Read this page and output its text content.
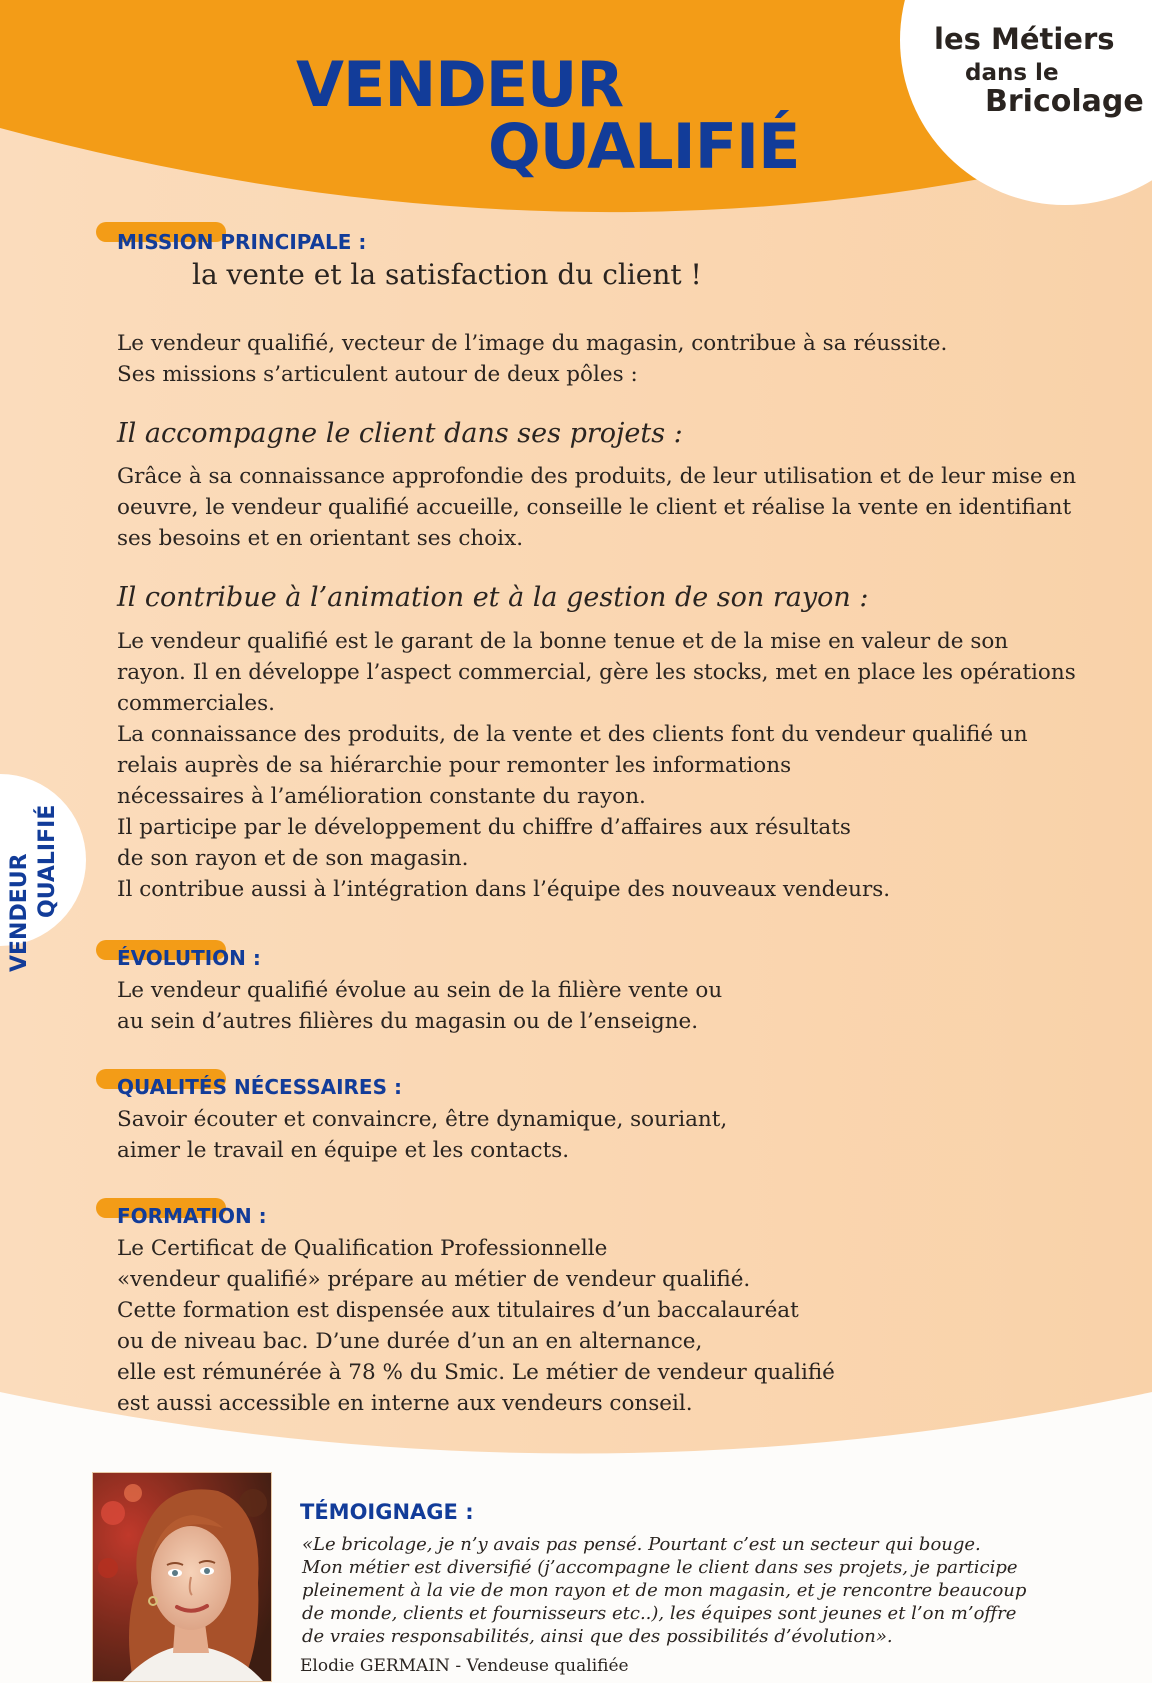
les Métiers
dans le
Bricolage
VENDEUR
QUALIFIÉ
VENDEUR QUALIFIÉ
MISSION PRINCIPALE :
la vente et la satisfaction du client !
Le vendeur qualifié, vecteur de l’image du magasin, contribue à sa réussite.
Ses missions s’articulent autour de deux pôles :
Il accompagne le client dans ses projets :
Grâce à sa connaissance approfondie des produits, de leur utilisation et de leur mise en
oeuvre, le vendeur qualifié accueille, conseille le client et réalise la vente en identifiant
ses besoins et en orientant ses choix.
Il contribue à l’animation et à la gestion de son rayon :
Le vendeur qualifié est le garant de la bonne tenue et de la mise en valeur de son
rayon. Il en développe l’aspect commercial, gère les stocks, met en place les opérations
commerciales.
La connaissance des produits, de la vente et des clients font du vendeur qualifié un
relais auprès de sa hiérarchie pour remonter les informations
nécessaires à l’amélioration constante du rayon.
Il participe par le développement du chiffre d’affaires aux résultats
de son rayon et de son magasin.
Il contribue aussi à l’intégration dans l’équipe des nouveaux vendeurs.
ÉVOLUTION :
Le vendeur qualifié évolue au sein de la filière vente ou
au sein d’autres filières du magasin ou de l’enseigne.
QUALITÉS NÉCESSAIRES :
Savoir écouter et convaincre, être dynamique, souriant,
aimer le travail en équipe et les contacts.
FORMATION :
Le Certificat de Qualification Professionnelle
«vendeur qualifié» prépare au métier de vendeur qualifié.
Cette formation est dispensée aux titulaires d’un baccalauréat
ou de niveau bac. D’une durée d’un an en alternance,
elle est rémunérée à 78 % du Smic. Le métier de vendeur qualifié
est aussi accessible en interne aux vendeurs conseil.
TÉMOIGNAGE :
«Le bricolage, je n’y avais pas pensé. Pourtant c’est un secteur qui bouge.
Mon métier est diversifié (j’accompagne le client dans ses projets, je participe
pleinement à la vie de mon rayon et de mon magasin, et je rencontre beaucoup
de monde, clients et fournisseurs etc..), les équipes sont jeunes et l’on m’offre
de vraies responsabilités, ainsi que des possibilités d’évolution».
Elodie GERMAIN - Vendeuse qualifiée
